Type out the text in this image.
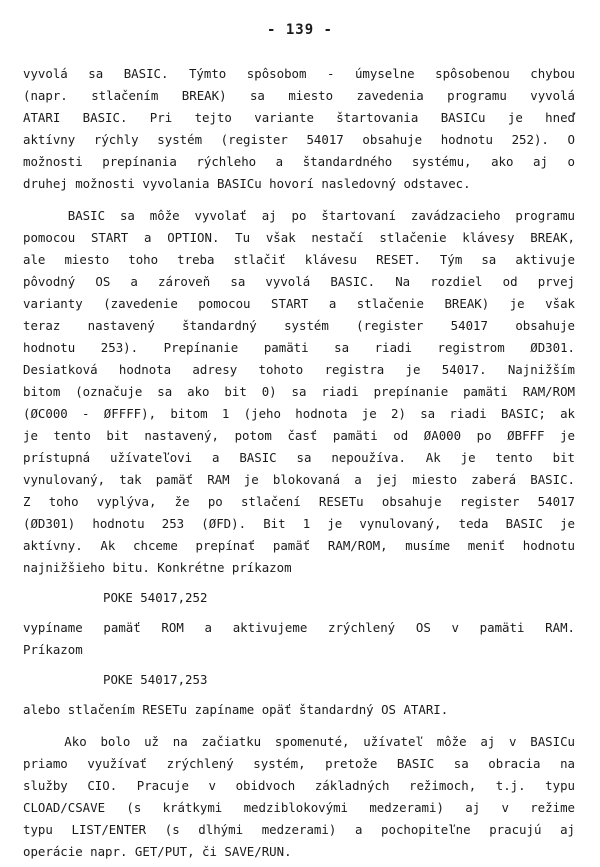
- 139 -
vyvolá sa BASIC. Týmto spôsobom - úmyselne spôsobenou chybou
(napr. stlačením BREAK) sa miesto zavedenia programu vyvolá
ATARI BASIC. Pri tejto variante štartovania BASICu je hneď
aktívny rýchly systém (register 54017 obsahuje hodnotu 252). O
možnosti prepínania rýchleho a štandardného systému, ako aj o
druhej možnosti vyvolania BASICu hovorí nasledovný odstavec.
BASIC sa môže vyvolať aj po štartovaní zavádzacieho programu
pomocou START a OPTION. Tu však nestačí stlačenie klávesy BREAK,
ale miesto toho treba stlačiť klávesu RESET. Tým sa aktivuje
pôvodný OS a zároveň sa vyvolá BASIC. Na rozdiel od prvej
varianty (zavedenie pomocou START a stlačenie BREAK) je však
teraz nastavený štandardný systém (register 54017 obsahuje
hodnotu 253). Prepínanie pamäti sa riadi registrom ØD301.
Desiatková hodnota adresy tohoto registra je 54017. Najnižším
bitom (označuje sa ako bit 0) sa riadi prepínanie pamäti RAM/ROM
(ØC000 - ØFFFF), bitom 1 (jeho hodnota je 2) sa riadi BASIC; ak
je tento bit nastavený, potom časť pamäti od ØA000 po ØBFFF je
prístupná užívateľovi a BASIC sa nepoužíva. Ak je tento bit
vynulovaný, tak pamäť RAM je blokovaná a jej miesto zaberá BASIC.
Z toho vyplýva, že po stlačení RESETu obsahuje register 54017
(ØD301) hodnotu 253 (ØFD). Bit 1 je vynulovaný, teda BASIC je
aktívny. Ak chceme prepínať pamäť RAM/ROM, musíme meniť hodnotu
najnižšieho bitu. Konkrétne príkazom
POKE 54017,252
vypíname pamäť ROM a aktivujeme zrýchlený OS v pamäti RAM.
Príkazom
POKE 54017,253
alebo stlačením RESETu zapíname opäť štandardný OS ATARI.
Ako bolo už na začiatku spomenuté, užívateľ môže aj v BASICu
priamo využívať zrýchlený systém, pretože BASIC sa obracia na
služby CIO. Pracuje v obidvoch základných režimoch, t.j. typu
CLOAD/CSAVE (s krátkymi medziblokovými medzerami) aj v režime
typu LIST/ENTER (s dlhými medzerami) a pochopiteľne pracujú aj
operácie napr. GET/PUT, či SAVE/RUN.
